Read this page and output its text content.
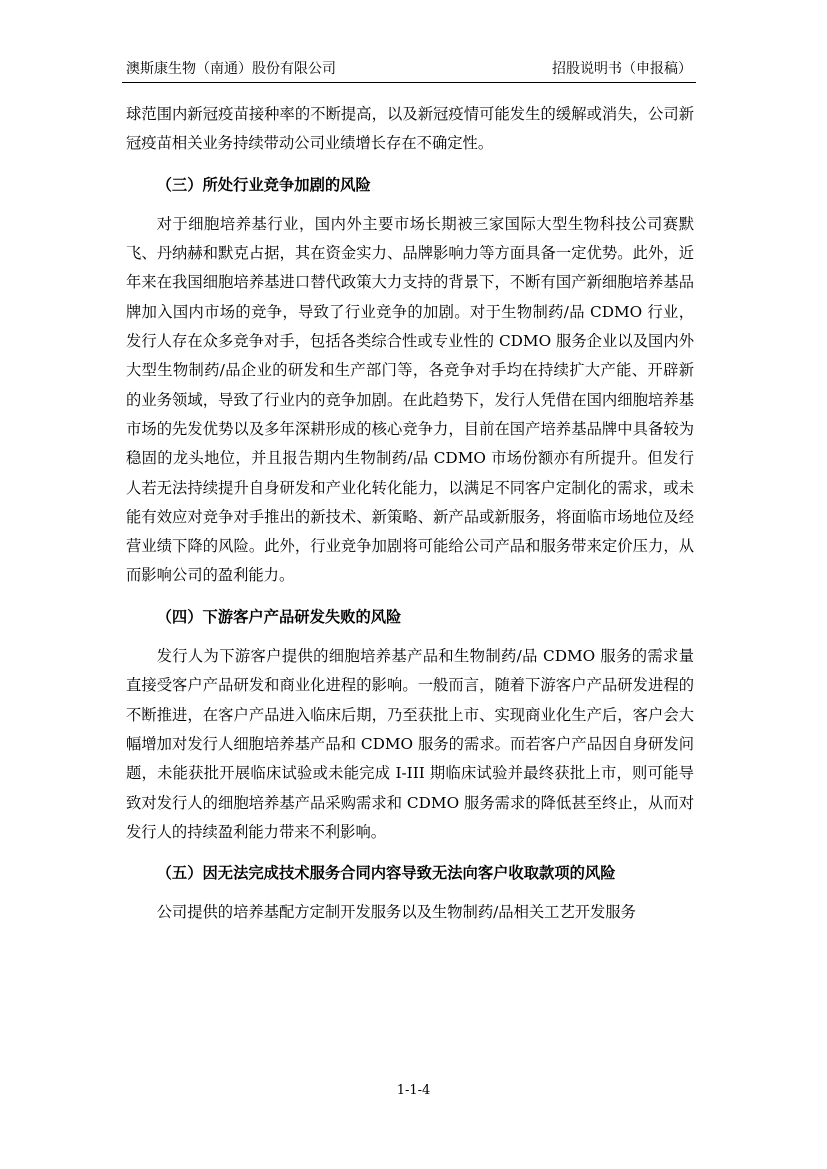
澳斯康生物（南通）股份有限公司	招股说明书（申报稿）

球范围内新冠疫苗接种率的不断提高，以及新冠疫情可能发生的缓解或消失，公司新冠疫苗相关业务持续带动公司业绩增长存在不确定性。

（三）所处行业竞争加剧的风险

对于细胞培养基行业，国内外主要市场长期被三家国际大型生物科技公司赛默飞、丹纳赫和默克占据，其在资金实力、品牌影响力等方面具备一定优势。此外，近年来在我国细胞培养基进口替代政策大力支持的背景下，不断有国产新细胞培养基品牌加入国内市场的竞争，导致了行业竞争的加剧。对于生物制药/品 CDMO 行业，发行人存在众多竞争对手，包括各类综合性或专业性的 CDMO 服务企业以及国内外大型生物制药/品企业的研发和生产部门等，各竞争对手均在持续扩大产能、开辟新的业务领域，导致了行业内的竞争加剧。在此趋势下，发行人凭借在国内细胞培养基市场的先发优势以及多年深耕形成的核心竞争力，目前在国产培养基品牌中具备较为稳固的龙头地位，并且报告期内生物制药/品 CDMO 市场份额亦有所提升。但发行人若无法持续提升自身研发和产业化转化能力，以满足不同客户定制化的需求，或未能有效应对竞争对手推出的新技术、新策略、新产品或新服务，将面临市场地位及经营业绩下降的风险。此外，行业竞争加剧将可能给公司产品和服务带来定价压力，从而影响公司的盈利能力。

（四）下游客户产品研发失败的风险

发行人为下游客户提供的细胞培养基产品和生物制药/品 CDMO 服务的需求量直接受客户产品研发和商业化进程的影响。一般而言，随着下游客户产品研发进程的不断推进，在客户产品进入临床后期，乃至获批上市、实现商业化生产后，客户会大幅增加对发行人细胞培养基产品和 CDMO 服务的需求。而若客户产品因自身研发问题，未能获批开展临床试验或未能完成 I-III 期临床试验并最终获批上市，则可能导致对发行人的细胞培养基产品采购需求和 CDMO 服务需求的降低甚至终止，从而对发行人的持续盈利能力带来不利影响。

（五）因无法完成技术服务合同内容导致无法向客户收取款项的风险

公司提供的培养基配方定制开发服务以及生物制药/品相关工艺开发服务

1-1-4
